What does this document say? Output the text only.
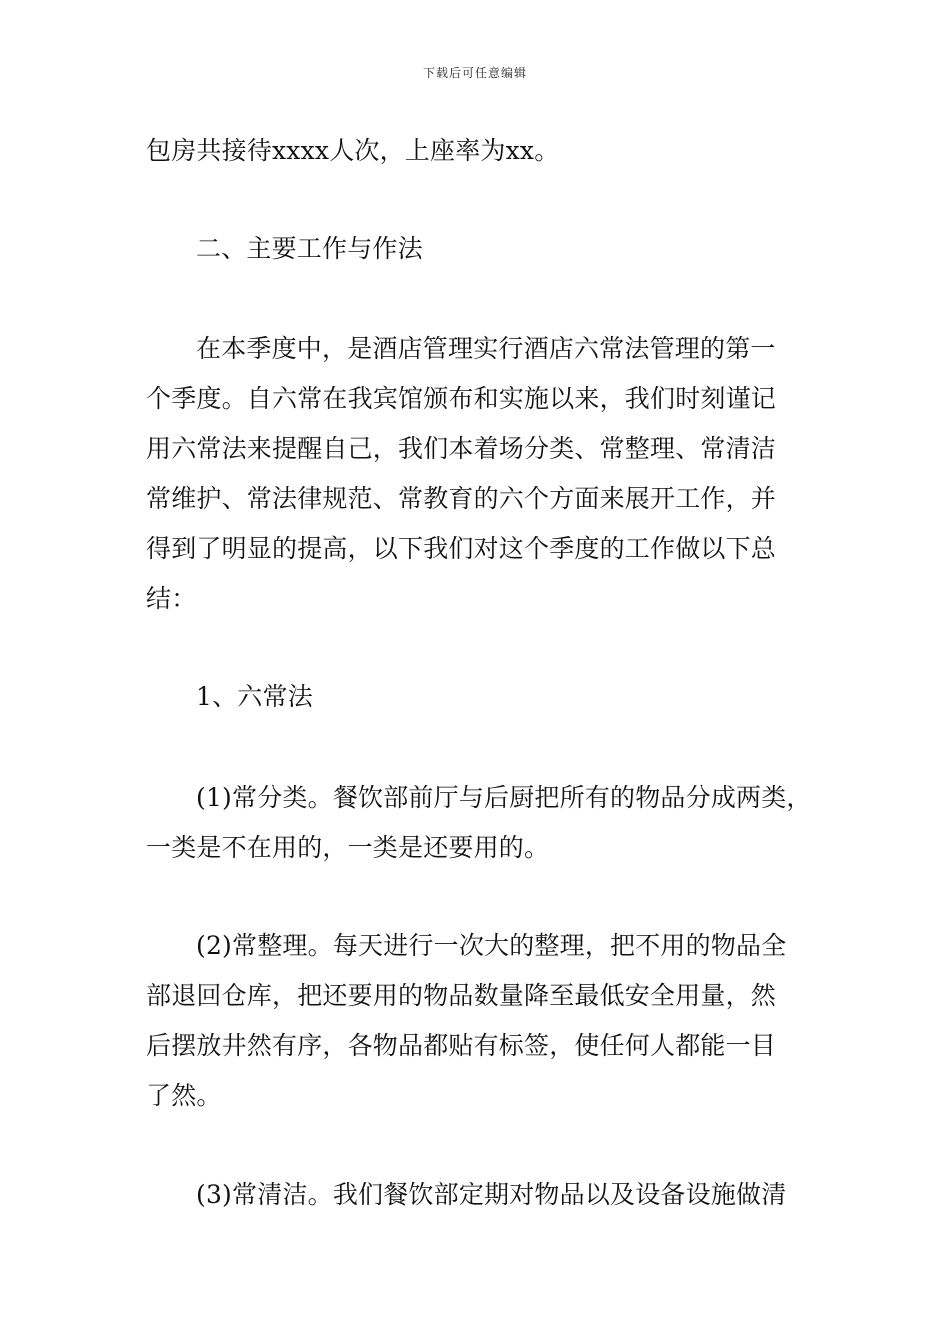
下载后可任意编辑
包房共接待xxxx人次，上座率为xx。
二、主要工作与作法
在本季度中，是酒店管理实行酒店六常法管理的第一
个季度。自六常在我宾馆颁布和实施以来，我们时刻谨记
用六常法来提醒自己，我们本着场分类、常整理、常清洁
常维护、常法律规范、常教育的六个方面来展开工作，并
得到了明显的提高，以下我们对这个季度的工作做以下总
结：
1、六常法
(1)常分类。餐饮部前厅与后厨把所有的物品分成两类，
一类是不在用的，一类是还要用的。
(2)常整理。每天进行一次大的整理，把不用的物品全
部退回仓库，把还要用的物品数量降至最低安全用量，然
后摆放井然有序，各物品都贴有标签，使任何人都能一目
了然。
(3)常清洁。我们餐饮部定期对物品以及设备设施做清
